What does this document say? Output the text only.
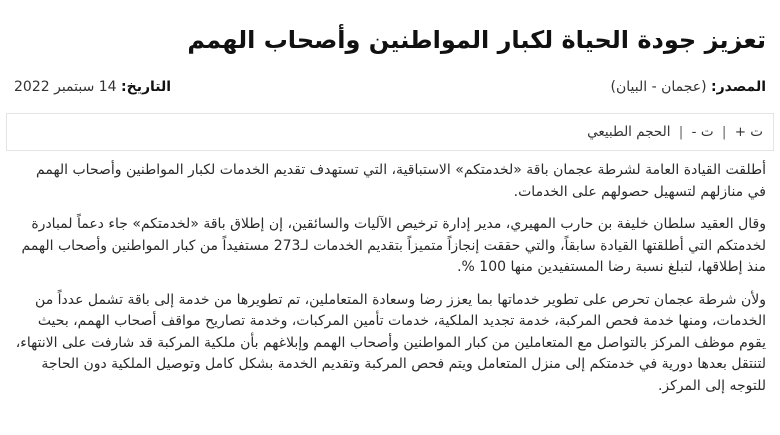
تعزيز جودة الحياة لكبار المواطنين وأصحاب الهمم
المصدر: (عجمان - البيان)
التاريخ: 14 سبتمبر 2022
ت + | ت - | الحجم الطبيعي

أطلقت القيادة العامة لشرطة عجمان باقة «لخدمتكم» الاستباقية، التي تستهدف تقديم الخدمات لكبار المواطنين وأصحاب الهمم في منازلهم لتسهيل حصولهم على الخدمات.

وقال العقيد سلطان خليفة بن حارب المهيري، مدير إدارة ترخيص الآليات والسائقين، إن إطلاق باقة «لخدمتكم» جاء دعماً لمبادرة لخدمتكم التي أطلقتها القيادة سابقاً، والتي حققت إنجازاً متميزاً بتقديم الخدمات لـ273 مستفيداً من كبار المواطنين وأصحاب الهمم منذ إطلاقها، لتبلغ نسبة رضا المستفيدين منها 100 %.

ولأن شرطة عجمان تحرص على تطوير خدماتها بما يعزز رضا وسعادة المتعاملين، تم تطويرها من خدمة إلى باقة تشمل عدداً من الخدمات، ومنها خدمة فحص المركبة، خدمة تجديد الملكية، خدمات تأمين المركبات، وخدمة تصاريح مواقف أصحاب الهمم، بحيث يقوم موظف المركز بالتواصل مع المتعاملين من كبار المواطنين وأصحاب الهمم وإبلاغهم بأن ملكية المركبة قد شارفت على الانتهاء، لتنتقل بعدها دورية في خدمتكم إلى منزل المتعامل ويتم فحص المركبة وتقديم الخدمة بشكل كامل وتوصيل الملكية دون الحاجة للتوجه إلى المركز.
